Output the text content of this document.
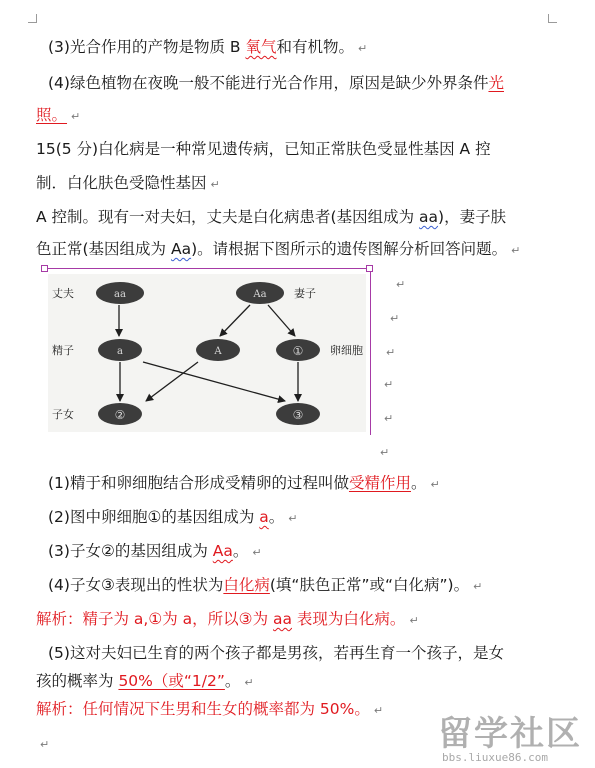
(3)光合作用的产物是物质 B 氧气和有机物。 ↵
(4)绿色植物在夜晚一般不能进行光合作用，原因是缺少外界条件光
照。 ↵
15(5 分)白化病是一种常见遗传病，已知正常肤色受显性基因 A 控
制．白化肤色受隐性基因 ↵
A 控制。现有一对夫妇，丈夫是白化病患者(基因组成为 aa)，妻子肤
色正常(基因组成为 Aa)。请根据下图所示的遗传图解分析回答问题。 ↵
丈夫	妻子
精子	卵细胞
子女
aa	Aa
a	A	①
②	③
↵
↵
↵
↵
↵
↵
(1)精于和卵细胞结合形成受精卵的过程叫做受精作用。 ↵
(2)图中卵细胞①的基因组成为 a。 ↵
(3)子女②的基因组成为 Aa。 ↵
(4)子女③表现出的性状为白化病(填“肤色正常”或“白化病”)。 ↵
解析：精子为 a,①为 a，所以③为 aa 表现为白化病。 ↵
(5)这对夫妇已生育的两个孩子都是男孩，若再生育一个孩子，是女
孩的概率为 50%（或“1/2”。 ↵
解析：任何情况下生男和生女的概率都为 50%。 ↵
↵	留学社区
bbs.liuxue86.com
